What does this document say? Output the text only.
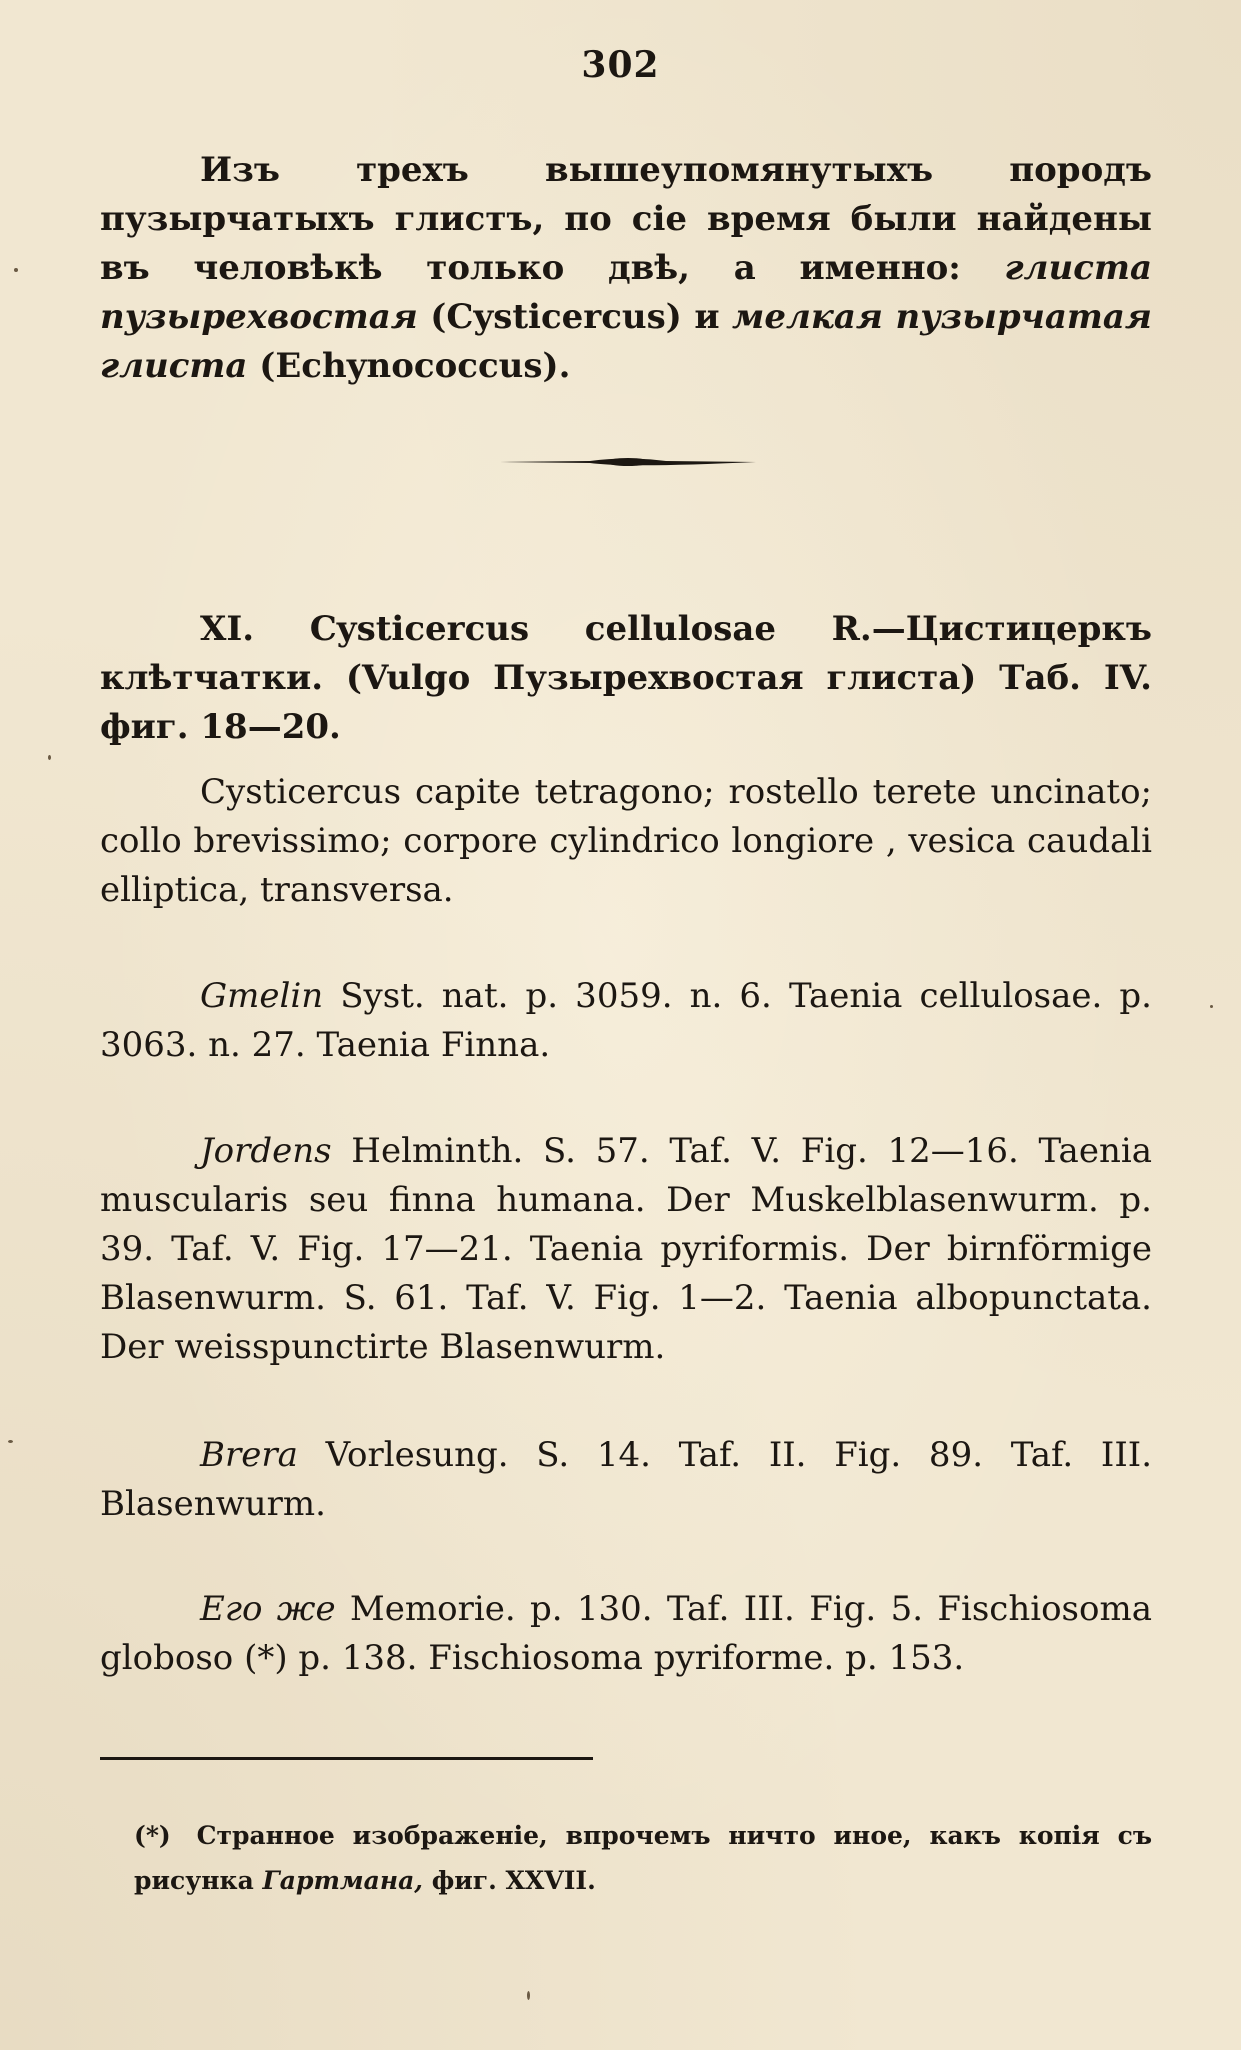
302

Изъ трехъ вышеупомянутыхъ породъ пузырчатыхъ глистъ, по сіе время были найдены въ человѣкѣ только двѣ, а именно: глиста пузырехвостая (Cysticercus) и мелкая пузырчатая глиста (Echynococcus).

XI. Cysticercus cellulosae R.—Цистицеркъ клѣтчатки. (Vulgo Пузырехвостая глиста) Таб. IV. фиг. 18—20.

Cysticercus capite tetragono; rostello terete uncinato; collo brevissimo; corpore cylindrico longiore , vesica caudali elliptica, transversa.

Gmelin Syst. nat. p. 3059. n. 6. Taenia cellulosae. p. 3063. n. 27. Taenia Finna.

Jordens Helminth. S. 57. Taf. V. Fig. 12—16. Taenia muscularis seu finna humana. Der Muskelblasenwurm. p. 39. Taf. V. Fig. 17—21. Taenia pyriformis. Der birnförmige Blasenwurm. S. 61. Taf. V. Fig. 1—2. Taenia albopunctata. Der weisspunctirte Blasenwurm.

Brera Vorlesung. S. 14. Taf. II. Fig. 89. Taf. III. Blasenwurm.

Его же Memorie. p. 130. Taf. III. Fig. 5. Fischiosoma globoso (*) p. 138. Fischiosoma pyriforme. p. 153.

(*) Странное изображеніе, впрочемъ ничто иное, какъ копія съ рисунка Гартмана, фиг. XXVII.
